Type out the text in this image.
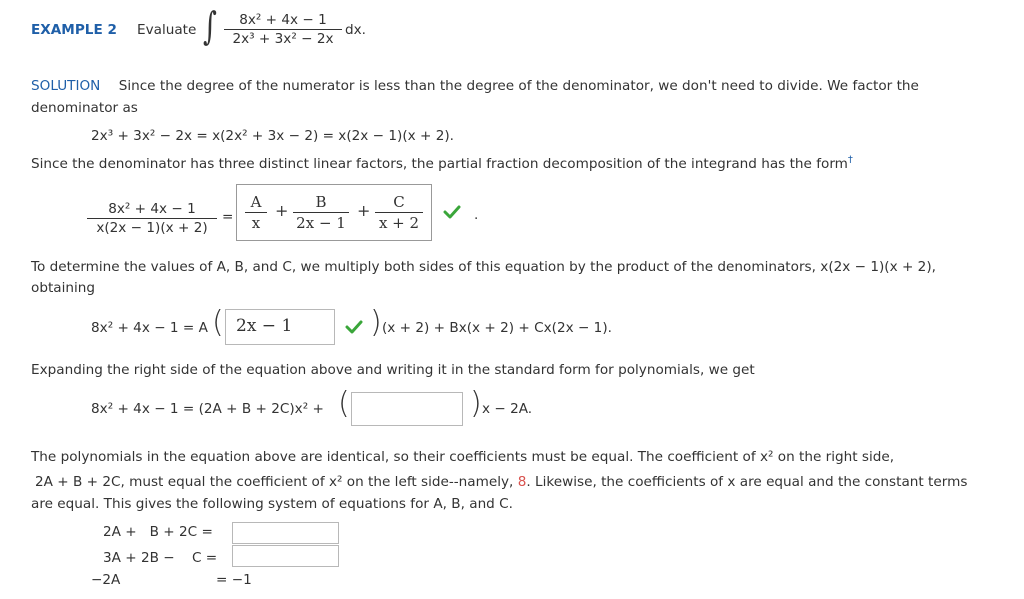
EXAMPLE 2 Evaluate ∫	8x² + 4x − 1
2x³ + 3x² − 2x
dx.
SOLUTION Since the degree of the numerator is less than the degree of the denominator, we don't need to divide. We factor the
denominator as
2x³ + 3x² − 2x = x(2x² + 3x − 2) = x(2x − 1)(x + 2).
Since the denominator has three distinct linear factors, the partial fraction decomposition of the integrand has the form†
8x² + 4x − 1
x(2x − 1)(x + 2)
=
A
x
+	B
2x − 1
+	C
x + 2	.
To determine the values of A, B, and C, we multiply both sides of this equation by the product of the denominators, x(2x − 1)(x + 2),
obtaining
8x² + 4x − 1 = A ( 2x − 1	) (x + 2) + Bx(x + 2) + Cx(2x − 1).
Expanding the right side of the equation above and writing it in the standard form for polynomials, we get
8x² + 4x − 1 = (2A + B + 2C)x² + (	) x − 2A.
The polynomials in the equation above are identical, so their coefficients must be equal. The coefficient of x² on the right side,
2A + B + 2C, must equal the coefficient of x² on the left side--namely, 8. Likewise, the coefficients of x are equal and the constant terms
are equal. This gives the following system of equations for A, B, and C.
2A +   B + 2C =
3A + 2B −    C =
−2A	= −1
